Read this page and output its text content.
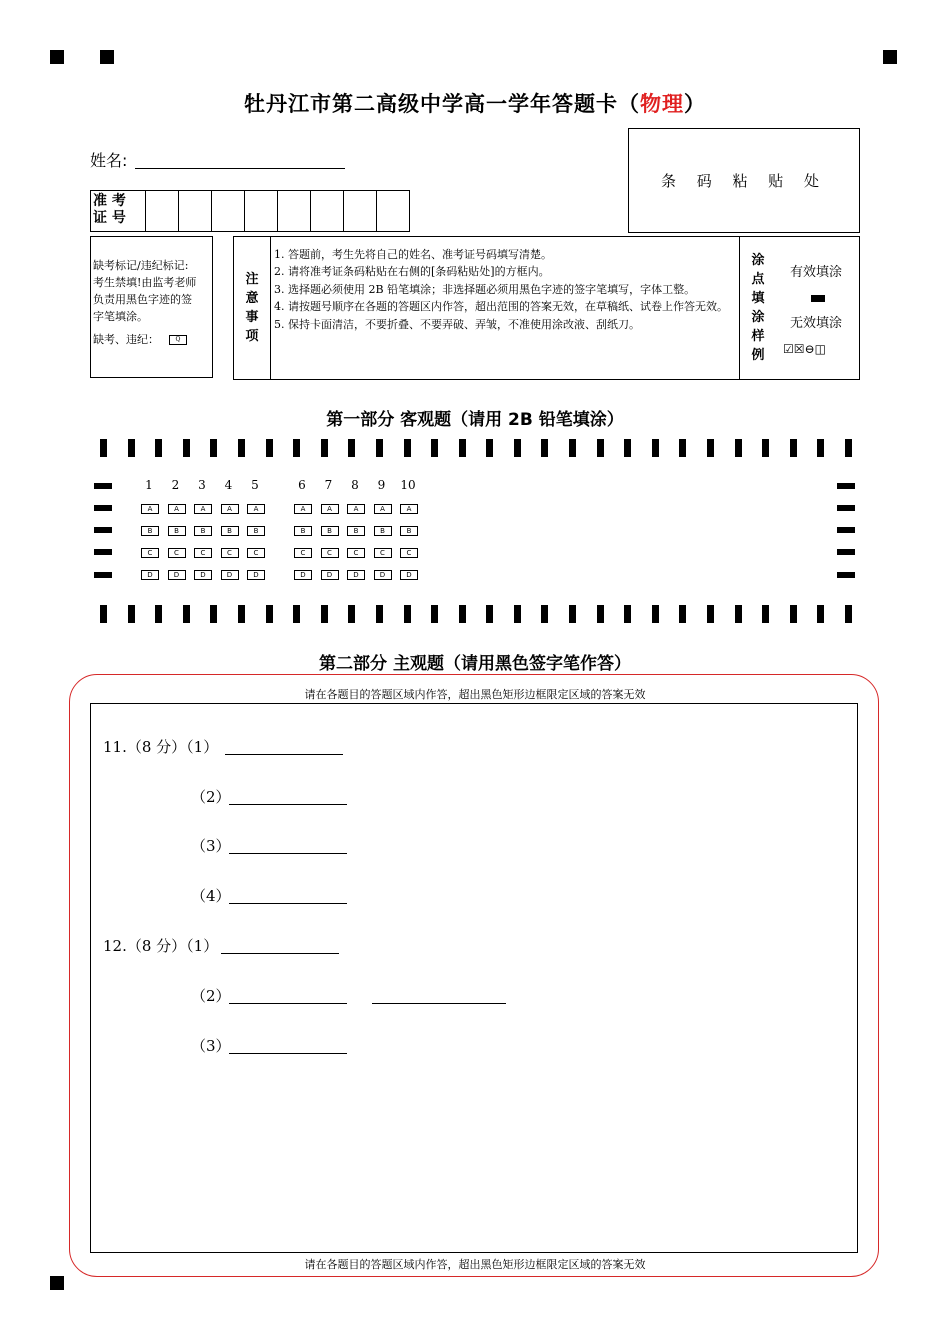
牡丹江市第二高级中学高一学年答题卡（物理）
姓名:
条 码 粘 贴 处
准 考
证 号
缺考标记/违纪标记:
考生禁填!由监考老师
负责用黑色字迹的签
字笔填涂。
缺考、违纪：	Q
注
意
事
项
1. 答题前，考生先将自己的姓名、准考证号码填写清楚。
2. 请将准考证条码粘贴在右侧的[条码粘贴处]的方框内。
3. 选择题必须使用 2B 铅笔填涂；非选择题必须用黑色字迹的签字笔填写，字体工整。
4. 请按题号顺序在各题的答题区内作答，超出范围的答案无效，在草稿纸、试卷上作答无效。
5. 保持卡面清洁，不要折叠、不要弄破、弄皱，不准使用涂改液、刮纸刀。
涂
点
填
涂
样
例
有效填涂
无效填涂
☑☒⊖◫
第一部分 客观题（请用 2B 铅笔填涂）
1
A
B
C
D
2
A
B
C
D
3
A
B
C
D
4
A
B
C
D
5
A
B
C
D
6
A
B
C
D
7
A
B
C
D
8
A
B
C
D
9
A
B
C
D
10
A
B
C
D
第二部分 主观题（请用黑色签字笔作答）
请在各题目的答题区域内作答，超出黑色矩形边框限定区域的答案无效
请在各题目的答题区域内作答，超出黑色矩形边框限定区域的答案无效
11.（8 分）（1）
（2）
（3）
（4）
12.（8 分）（1）
（2）
（3）
